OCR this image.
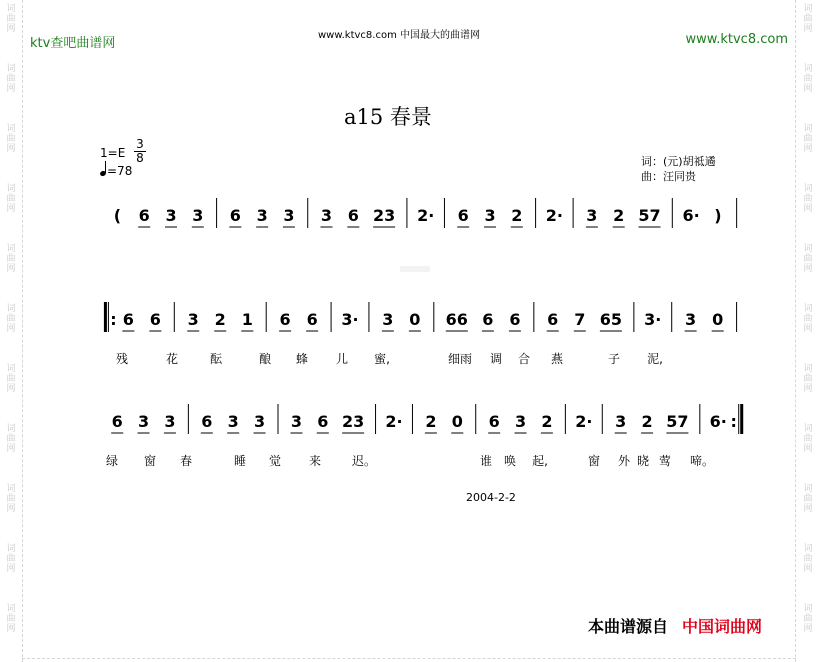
词
曲
网
词
曲
网
词
曲
网
词
曲
网
词
曲
网
词
曲
网
词
曲
网
词
曲
网
词
曲
网
词
曲
网
词
曲
网
词
曲
网
词
曲
网
词
曲
网
词
曲
网
词
曲
网
词
曲
网
词
曲
网
词
曲
网
词
曲
网
词
曲
网
词
曲
网
ktv查吧曲谱网
www.ktvc8.com 中国最大的曲谱网	www.ktvc8.com
a15 春景
1=E
3
8
=78
词：(元)胡祗遹
曲：汪同贵
( 6 3 3 6 3 3 3 6 23 2· 6 3 2 2· 3 2 57 6· )
: 6 6 3 2 1 6 6 3· 3 0 66 6 6 6 7 65 3· 3 0
残	花	酝	酿 蜂 儿 蜜,	细雨 调 合 燕	子 泥,
6 3 3 6 3 3 3 6 23 2· 2 0 6 3 2 2· 3 2 57 6· :
绿 窗 春	睡 觉 来	迟。	谁 唤 起,	窗 外 晓 莺 啼。
2004-2-2
本曲谱源自 中国词曲网
